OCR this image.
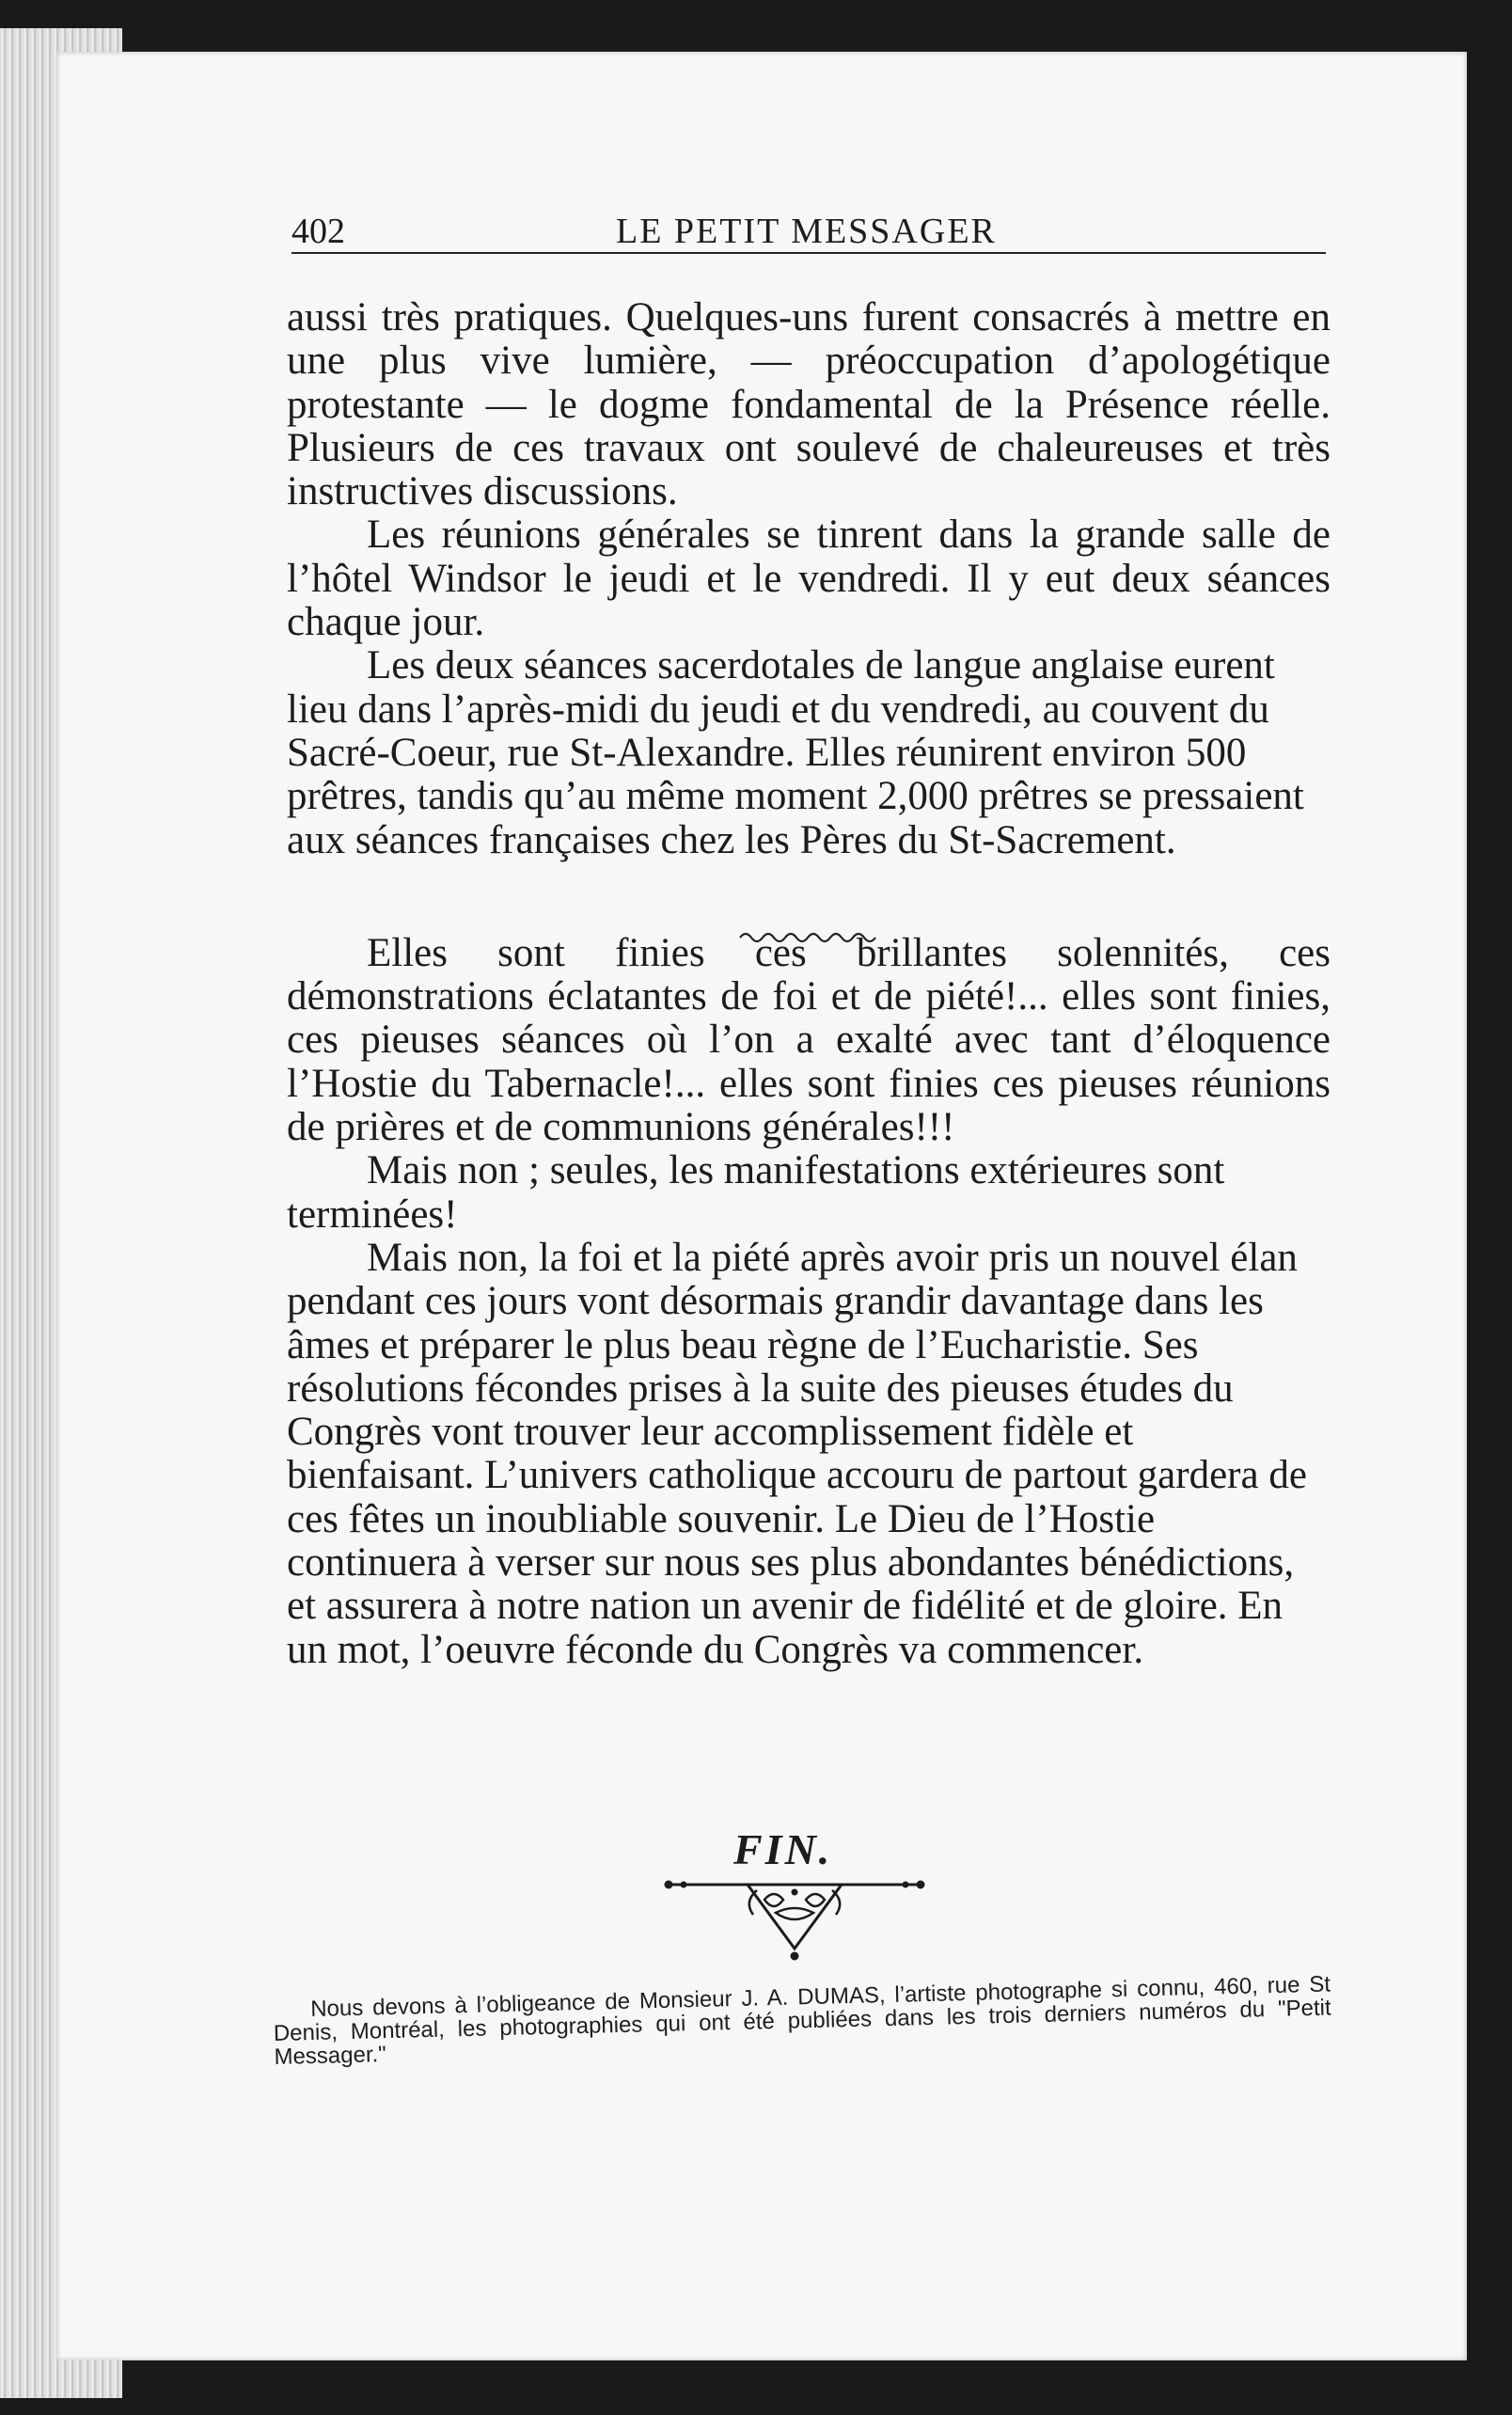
402	LE PETIT MESSAGER

aussi très pratiques. Quelques-uns furent consacrés à mettre en une plus vive lumière, — préoccupation d’apologétique protestante — le dogme fondamental de la Présence réelle. Plusieurs de ces travaux ont soulevé de chaleureuses et très instructives discussions.

Les réunions générales se tinrent dans la grande salle de l’hôtel Windsor le jeudi et le vendredi. Il y eut deux séances chaque jour.

Les deux séances sacerdotales de langue anglaise eurent lieu dans l’après-midi du jeudi et du vendredi, au couvent du Sacré-Coeur, rue St-Alexandre. Elles réunirent environ 500 prêtres, tandis qu’au même moment 2,000 prêtres se pressaient aux séances françaises chez les Pères du St-Sacrement.

Elles sont finies ces brillantes solennités, ces démonstrations éclatantes de foi et de piété!... elles sont finies, ces pieuses séances où l’on a exalté avec tant d’éloquence l’Hostie du Tabernacle!... elles sont finies ces pieuses réunions de prières et de communions générales!!!

Mais non ; seules, les manifestations extérieures sont terminées!

Mais non, la foi et la piété après avoir pris un nouvel élan pendant ces jours vont désormais grandir davantage dans les âmes et préparer le plus beau règne de l’Eucharistie. Ses résolutions fécondes prises à la suite des pieuses études du Congrès vont trouver leur accomplissement fidèle et bienfaisant. L’univers catholique accouru de partout gardera de ces fêtes un inoubliable souvenir. Le Dieu de l’Hostie continuera à verser sur nous ses plus abondantes bénédictions, et assurera à notre nation un avenir de fidélité et de gloire. En un mot, l’oeuvre féconde du Congrès va commencer.

FIN.

Nous devons à l’obligeance de Monsieur J. A. DUMAS, l’artiste photographe si connu, 460, rue St Denis, Montréal, les photographies qui ont été publiées dans les trois derniers numéros du "Petit Messager."
